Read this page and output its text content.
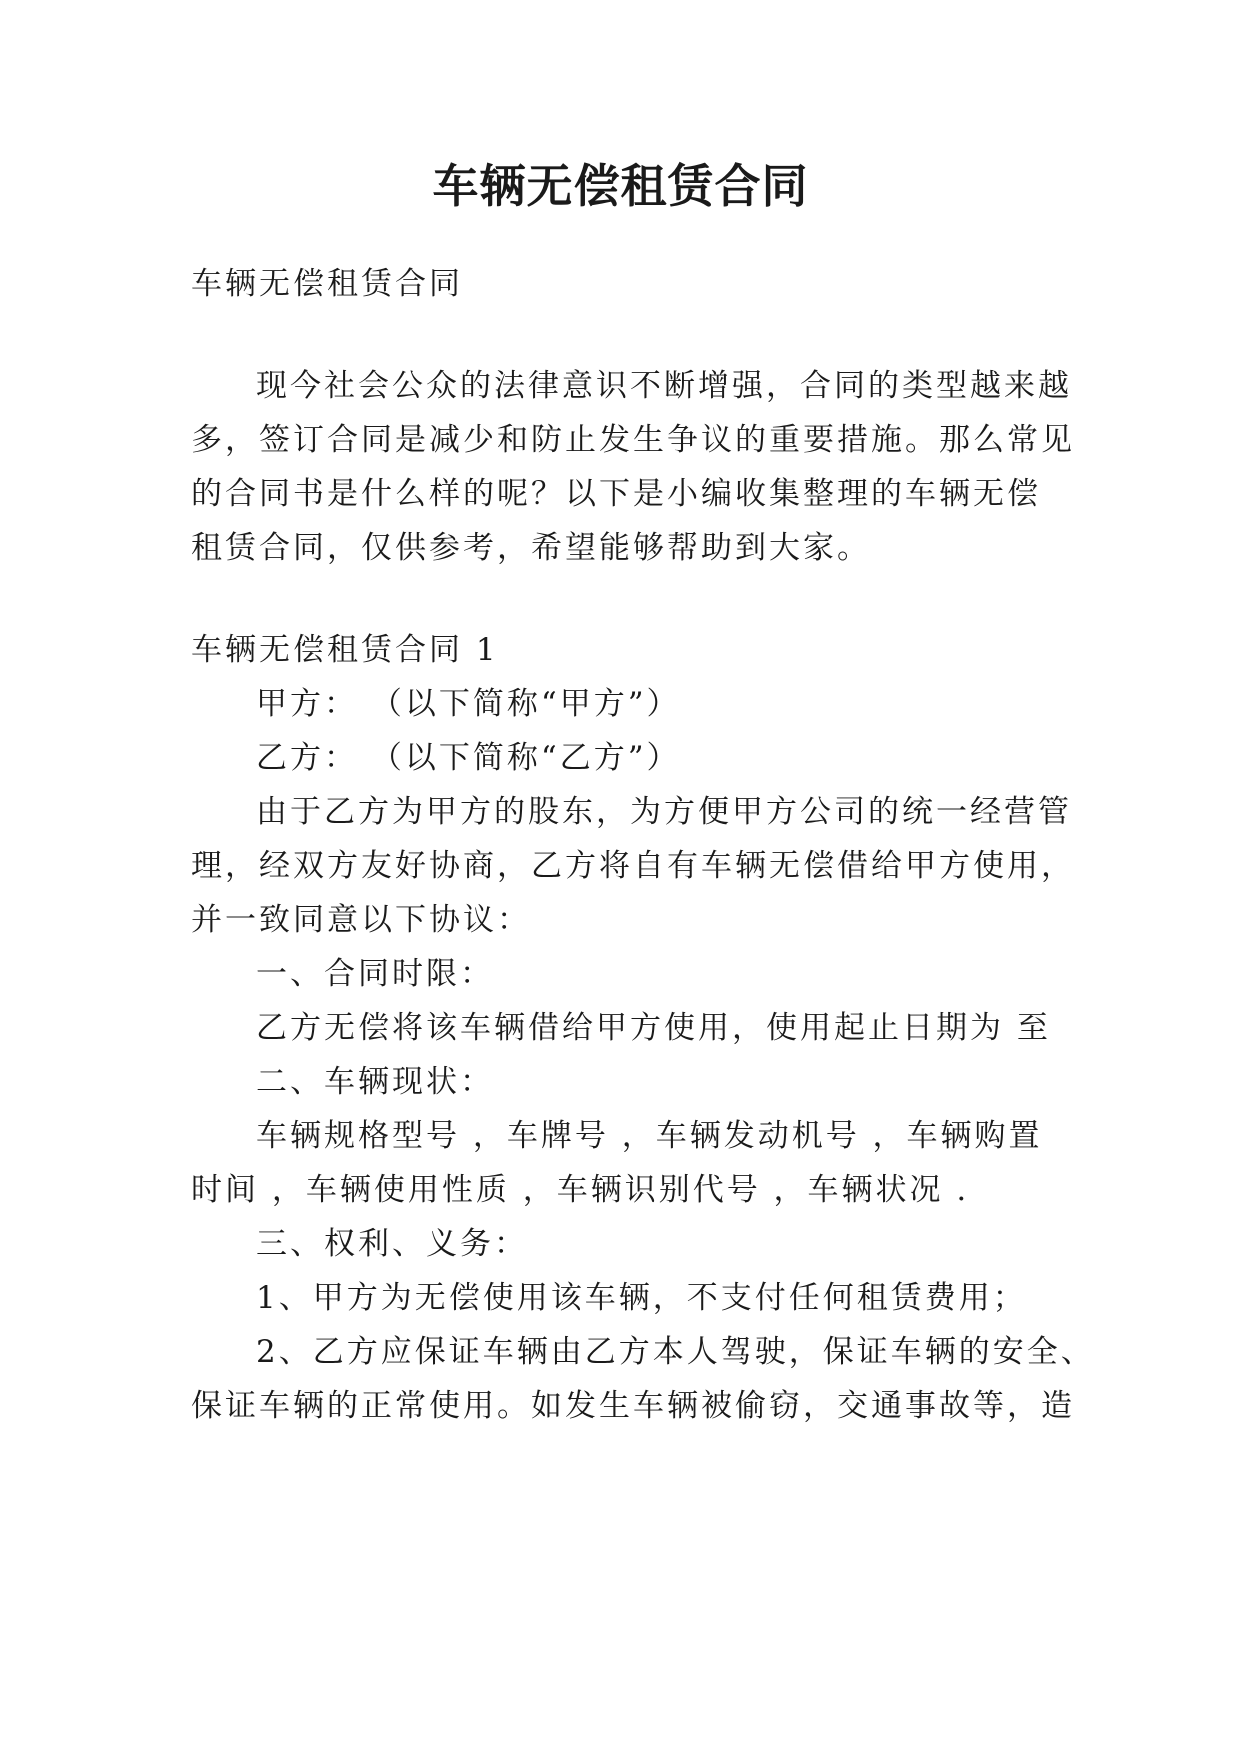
车辆无偿租赁合同
车辆无偿租赁合同
现今社会公众的法律意识不断增强，合同的类型越来越
多，签订合同是减少和防止发生争议的重要措施。那么常见
的合同书是什么样的呢？以下是小编收集整理的车辆无偿
租赁合同，仅供参考，希望能够帮助到大家。
车辆无偿租赁合同 1
甲方： （以下简称“甲方”）
乙方： （以下简称“乙方”）
由于乙方为甲方的股东，为方便甲方公司的统一经营管
理，经双方友好协商，乙方将自有车辆无偿借给甲方使用，
并一致同意以下协议：
一、合同时限：
乙方无偿将该车辆借给甲方使用，使用起止日期为 至
二、车辆现状：
车辆规格型号 ，车牌号 ，车辆发动机号 ，车辆购置
时间 ，车辆使用性质 ，车辆识别代号 ，车辆状况 .
三、权利、义务：
1、甲方为无偿使用该车辆，不支付任何租赁费用；
2、乙方应保证车辆由乙方本人驾驶，保证车辆的安全、
保证车辆的正常使用。如发生车辆被偷窃，交通事故等，造
